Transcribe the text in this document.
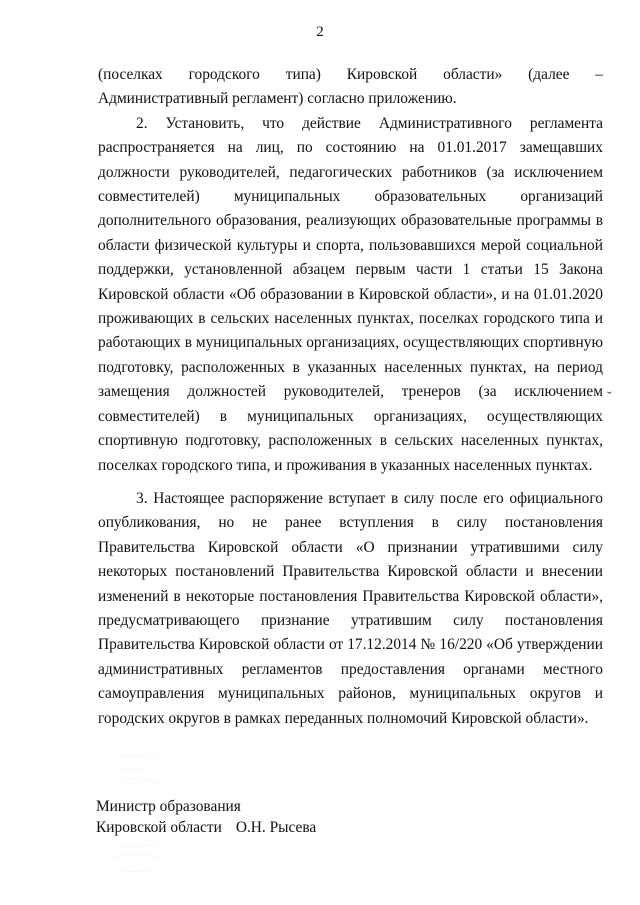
2

(поселках городского типа) Кировской области» (далее – Административный регламент) согласно приложению.

2. Установить, что действие Административного регламента распространяется на лиц, по состоянию на 01.01.2017 замещавших должности руководителей, педагогических работников (за исключением совместителей) муниципальных образовательных организаций дополнительного образования, реализующих образовательные программы в области физической культуры и спорта, пользовавшихся мерой социальной поддержки, установленной абзацем первым части 1 статьи 15 Закона Кировской области «Об образовании в Кировской области», и на 01.01.2020 проживающих в сельских населенных пунктах, поселках городского типа и работающих в муниципальных организациях, осуществляющих спортивную подготовку, расположенных в указанных населенных пунктах, на период замещения должностей руководителей, тренеров (за исключением совместителей) в муниципальных организациях, осуществляющих спортивную подготовку, расположенных в сельских населенных пунктах, поселках городского типа, и проживания в указанных населенных пунктах.

3. Настоящее распоряжение вступает в силу после его официального опубликования, но не ранее вступления в силу постановления Правительства Кировской области «О признании утратившими силу некоторых постановлений Правительства Кировской области и внесении изменений в некоторые постановления Правительства Кировской области», предусматривающего признание утратившим силу постановления Правительства Кировской области от 17.12.2014 № 16/220 «Об утверждении административных регламентов предоставления органами местного самоуправления муниципальных районов, муниципальных округов и городских округов в рамках переданных полномочий Кировской области».

˘
Министр образования
Кировской области О.Н. Рысева
